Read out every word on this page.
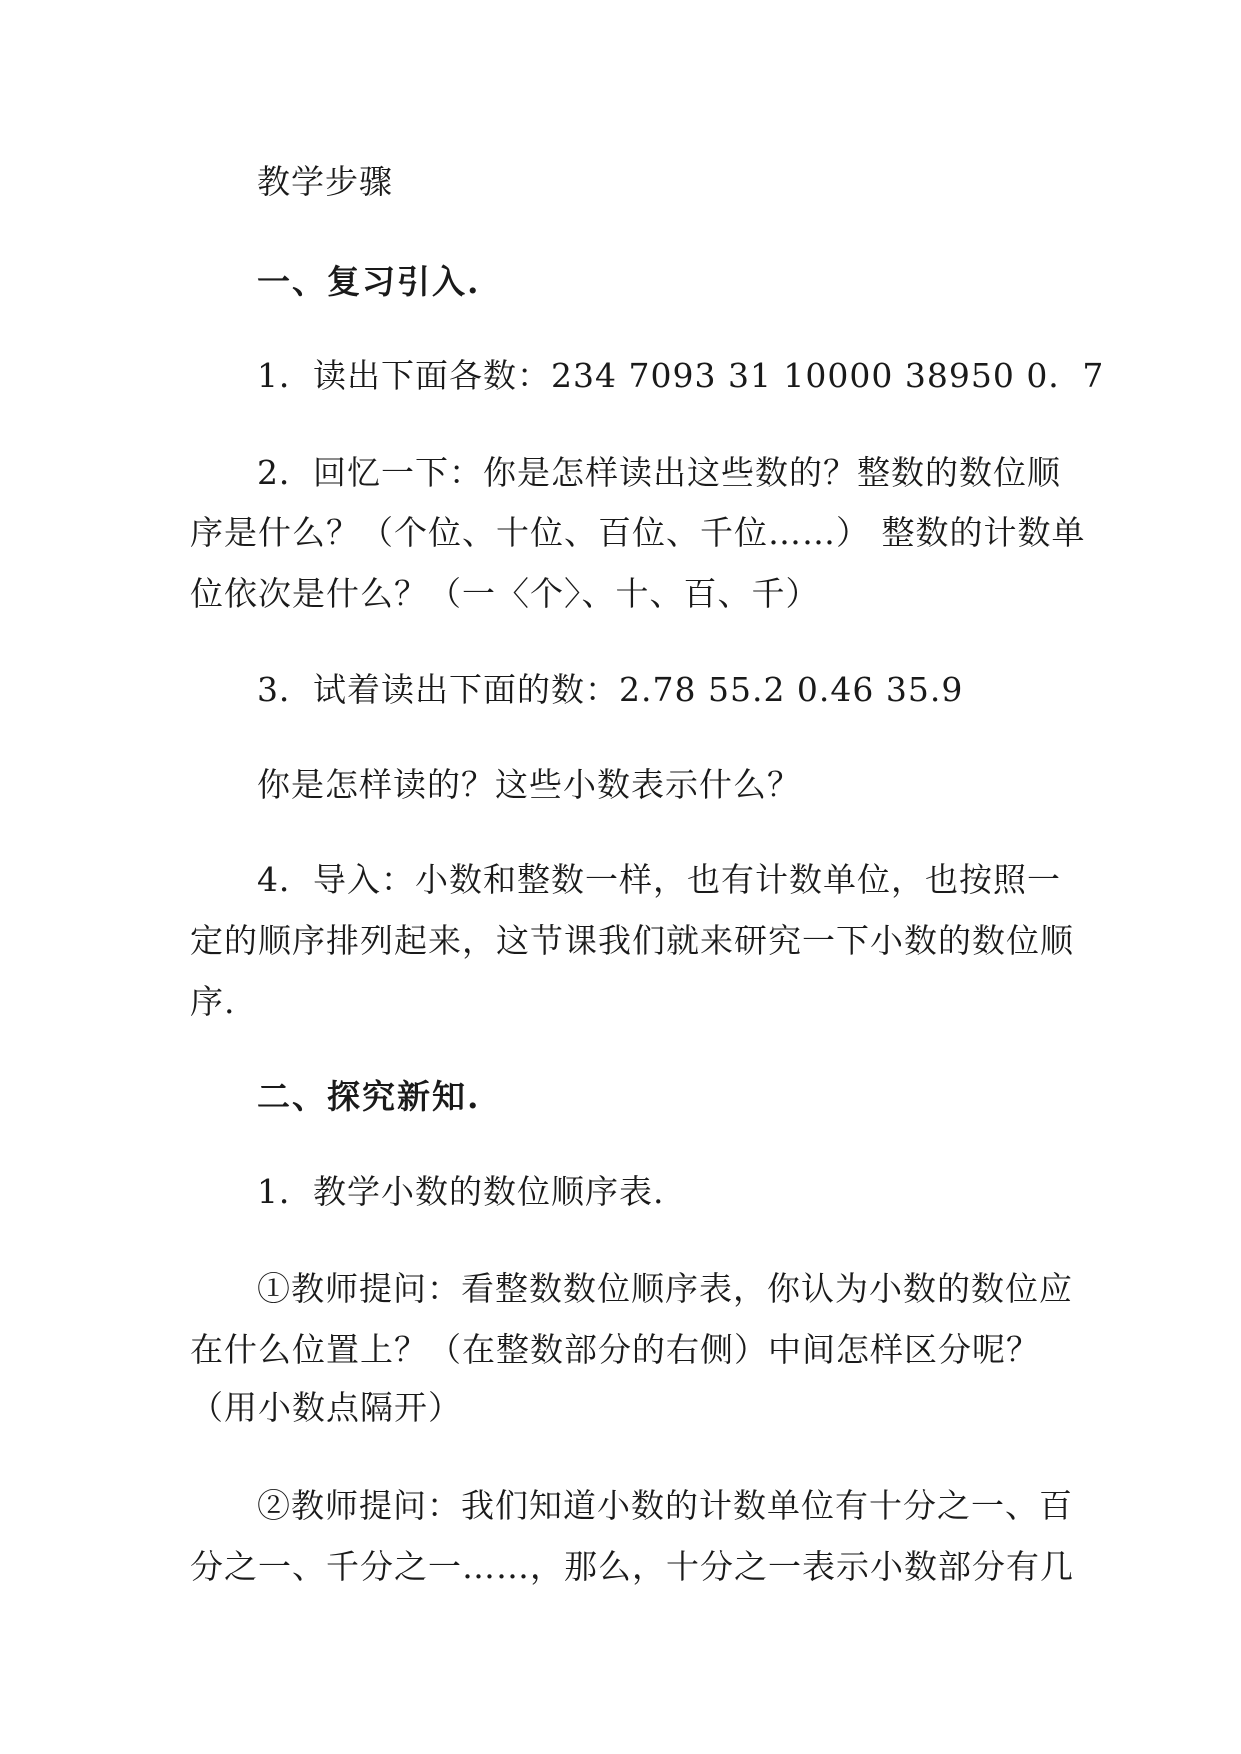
教学步骤
一、复习引入.
1．读出下面各数：234 7093 31 10000 38950 0．7
2．回忆一下：你是怎样读出这些数的？整数的数位顺
序是什么？（个位、十位、百位、千位……） 整数的计数单
位依次是什么？（一〈个〉、十、百、千）
3．试着读出下面的数：2.78 55.2 0.46 35.9
你是怎样读的？这些小数表示什么？
4．导入：小数和整数一样，也有计数单位，也按照一
定的顺序排列起来，这节课我们就来研究一下小数的数位顺
序.
二、探究新知.
1．教学小数的数位顺序表.
①教师提问：看整数数位顺序表，你认为小数的数位应
在什么位置上？（在整数部分的右侧）中间怎样区分呢？
（用小数点隔开）
②教师提问：我们知道小数的计数单位有十分之一、百
分之一、千分之一……，那么，十分之一表示小数部分有几
